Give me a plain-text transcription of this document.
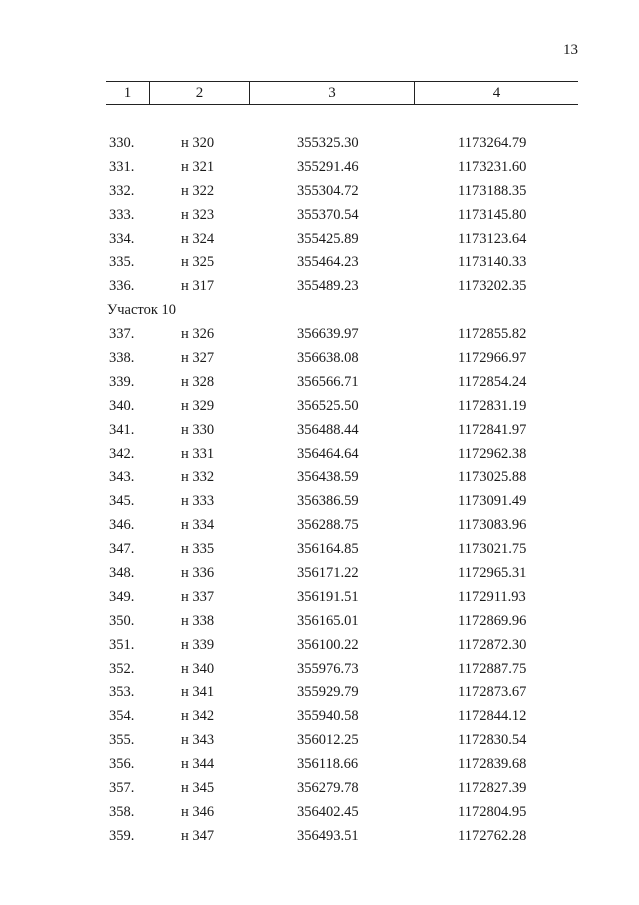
13
1	2	3	4
330.	н 320	355325.30	1173264.79
331.	н 321	355291.46	1173231.60
332.	н 322	355304.72	1173188.35
333.	н 323	355370.54	1173145.80
334.	н 324	355425.89	1173123.64
335.	н 325	355464.23	1173140.33
336.	н 317	355489.23	1173202.35
Участок 10
337.	н 326	356639.97	1172855.82
338.	н 327	356638.08	1172966.97
339.	н 328	356566.71	1172854.24
340.	н 329	356525.50	1172831.19
341.	н 330	356488.44	1172841.97
342.	н 331	356464.64	1172962.38
343.	н 332	356438.59	1173025.88
345.	н 333	356386.59	1173091.49
346.	н 334	356288.75	1173083.96
347.	н 335	356164.85	1173021.75
348.	н 336	356171.22	1172965.31
349.	н 337	356191.51	1172911.93
350.	н 338	356165.01	1172869.96
351.	н 339	356100.22	1172872.30
352.	н 340	355976.73	1172887.75
353.	н 341	355929.79	1172873.67
354.	н 342	355940.58	1172844.12
355.	н 343	356012.25	1172830.54
356.	н 344	356118.66	1172839.68
357.	н 345	356279.78	1172827.39
358.	н 346	356402.45	1172804.95
359.	н 347	356493.51	1172762.28
